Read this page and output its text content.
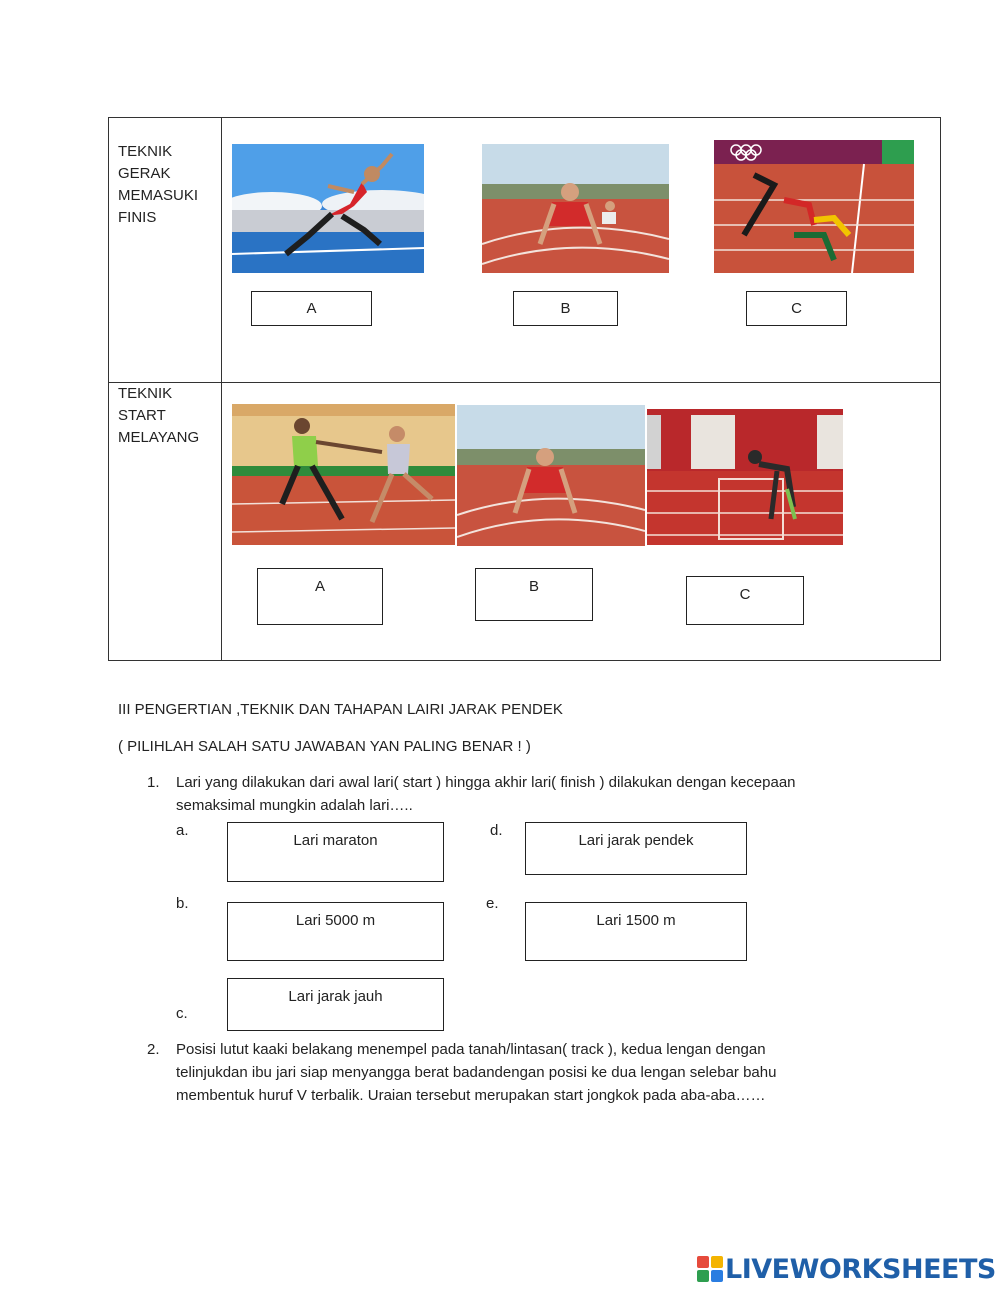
TEKNIK
GERAK
MEMASUKI
FINIS
A	B	C
TEKNIK
START
MELAYANG
A	B	C
III PENGERTIAN ,TEKNIK DAN TAHAPAN LAIRI JARAK PENDEK
( PILIHLAH SALAH SATU JAWABAN YAN PALING BENAR ! )
1. Lari yang dilakukan dari awal lari( start ) hingga akhir lari( finish ) dilakukan dengan kecepaan
semaksimal mungkin adalah lari…..
a.
Lari maraton
d.
Lari jarak pendek
b.
Lari 5000 m
e.
Lari 1500 m
Lari jarak jauh
c.
2. Posisi lutut kaaki belakang menempel pada tanah/lintasan( track ), kedua lengan dengan
telinjukdan ibu jari siap menyangga berat badandengan posisi ke dua lengan selebar bahu
membentuk huruf V terbalik. Uraian tersebut merupakan start jongkok pada aba-aba……
LIVEWORKSHEETS
